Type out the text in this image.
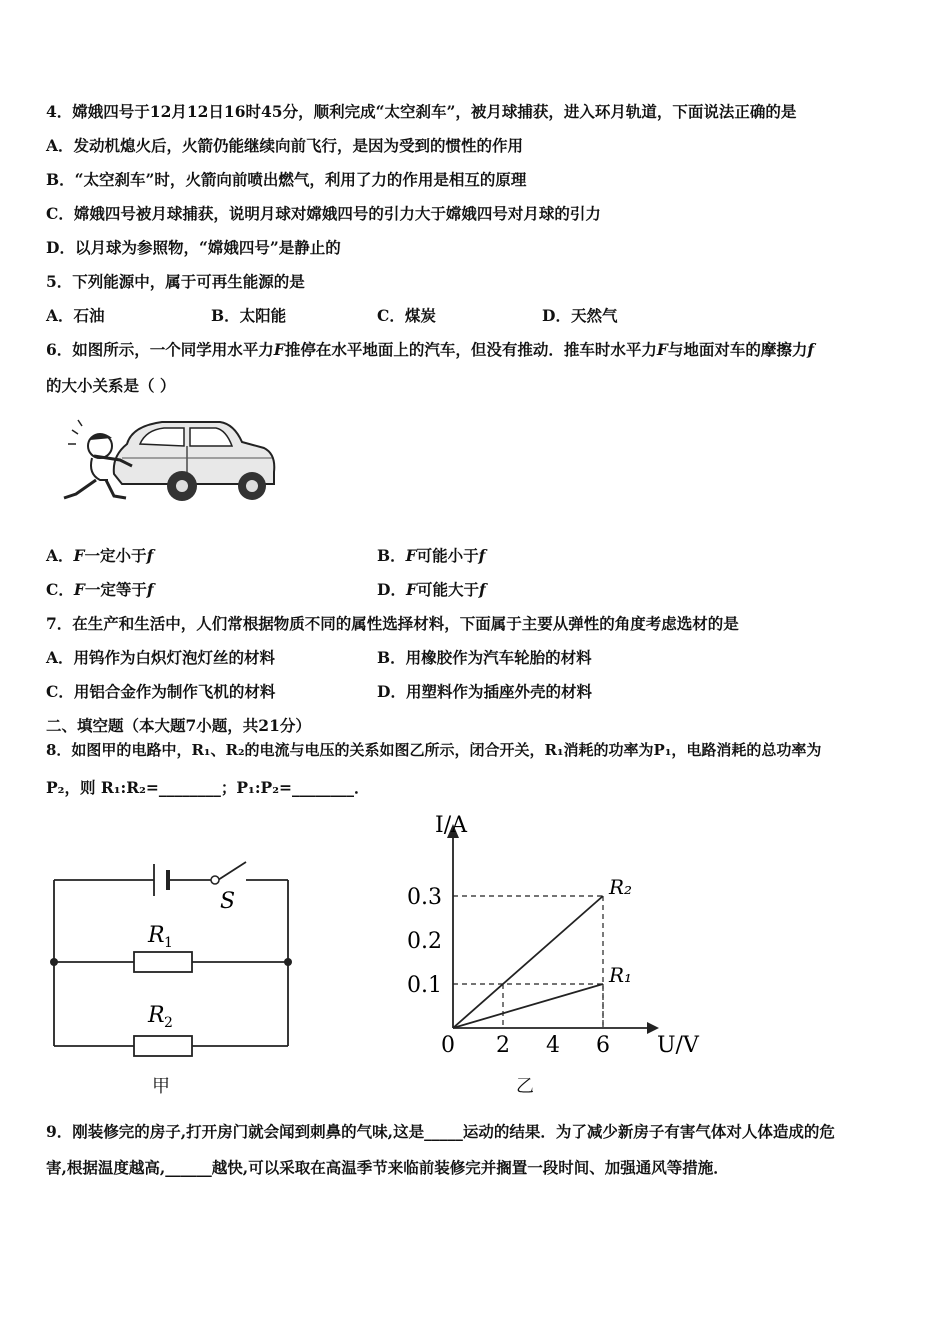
4．嫦娥四号于12月12日16时45分，顺利完成“太空刹车”，被月球捕获，进入环月轨道，下面说法正确的是
A．发动机熄火后，火箭仍能继续向前飞行，是因为受到的惯性的作用
B．“太空刹车”时，火箭向前喷出燃气，利用了力的作用是相互的原理
C．嫦娥四号被月球捕获，说明月球对嫦娥四号的引力大于嫦娥四号对月球的引力
D．以月球为参照物，“嫦娥四号”是静止的
5．下列能源中，属于可再生能源的是
A．石油	B．太阳能	C．煤炭	D．天然气
6．如图所示，一个同学用水平力F推停在水平地面上的汽车，但没有推动．推车时水平力F与地面对车的摩擦力f
的大小关系是（ ）
A．F一定小于f	B．F可能小于f
C．F一定等于f	D．F可能大于f
7．在生产和生活中，人们常根据物质不同的属性选择材料，下面属于主要从弹性的角度考虑选材的是
A．用钨作为白炽灯泡灯丝的材料	B．用橡胶作为汽车轮胎的材料
C．用铝合金作为制作飞机的材料	D．用塑料作为插座外壳的材料
二、填空题（本大题7小题，共21分）
8．如图甲的电路中，R₁、R₂的电流与电压的关系如图乙所示，闭合开关，R₁消耗的功率为P₁，电路消耗的总功率为
P₂，则 R₁:R₂=________；P₁:P₂=________．
S
R 1
R 2
甲
I/A
U/V
0 2 4 6
0.1
0.2
0.3	R₂
R₁
乙
9．刚装修完的房子,打开房门就会闻到刺鼻的气味,这是_____运动的结果．为了减少新房子有害气体对人体造成的危
害,根据温度越高,______越快,可以采取在高温季节来临前装修完并搁置一段时间、加强通风等措施．
